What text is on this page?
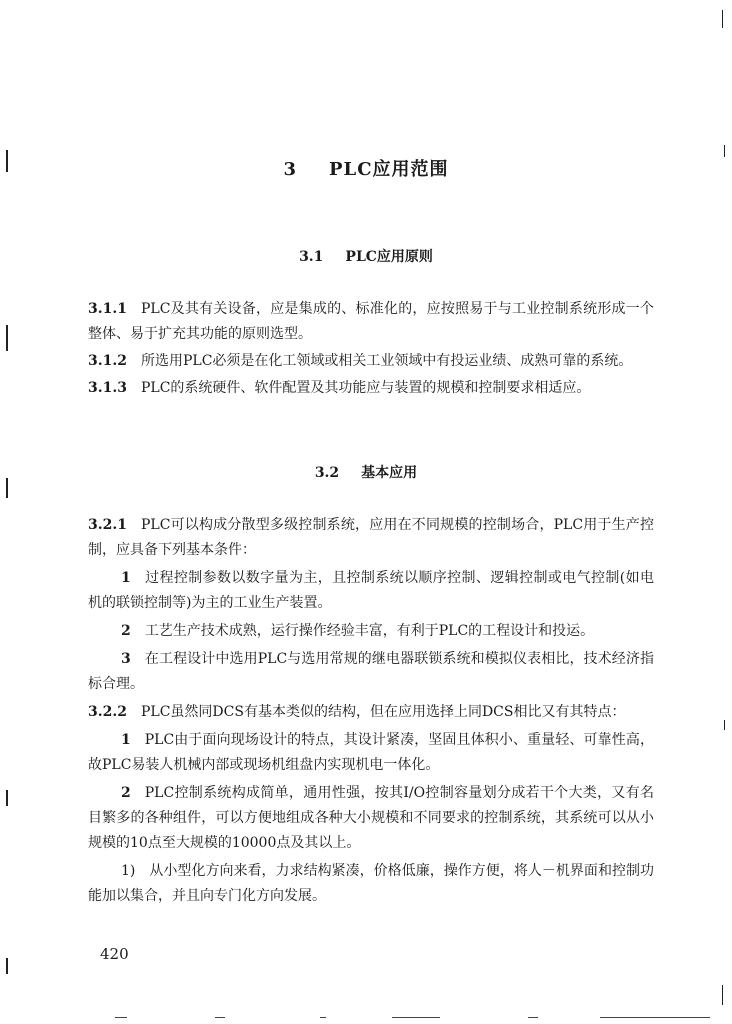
3 PLC应用范围
3.1 PLC应用原则

3.1.1 PLC及其有关设备，应是集成的、标准化的，应按照易于与工业控制系统形成一个整体、易于扩充其功能的原则选型。

3.1.2 所选用PLC必须是在化工领域或相关工业领域中有投运业绩、成熟可靠的系统。

3.1.3 PLC的系统硬件、软件配置及其功能应与装置的规模和控制要求相适应。

3.2 基本应用

3.2.1 PLC可以构成分散型多级控制系统，应用在不同规模的控制场合，PLC用于生产控制，应具备下列基本条件：

1 过程控制参数以数字量为主，且控制系统以顺序控制、逻辑控制或电气控制(如电机的联锁控制等)为主的工业生产装置。

2 工艺生产技术成熟，运行操作经验丰富，有利于PLC的工程设计和投运。

3 在工程设计中选用PLC与选用常规的继电器联锁系统和模拟仪表相比，技术经济指标合理。

3.2.2 PLC虽然同DCS有基本类似的结构，但在应用选择上同DCS相比又有其特点：

1 PLC由于面向现场设计的特点，其设计紧凑，坚固且体积小、重量轻、可靠性高，故PLC易装人机械内部或现场机组盘内实现机电一体化。

2 PLC控制系统构成简单，通用性强，按其I/O控制容量划分成若干个大类，又有名目繁多的各种组件，可以方便地组成各种大小规模和不同要求的控制系统，其系统可以从小规模的10点至大规模的10000点及其以上。

1) 从小型化方向来看，力求结构紧凑，价格低廉，操作方便，将人－机界面和控制功能加以集合，并且向专门化方向发展。

420
